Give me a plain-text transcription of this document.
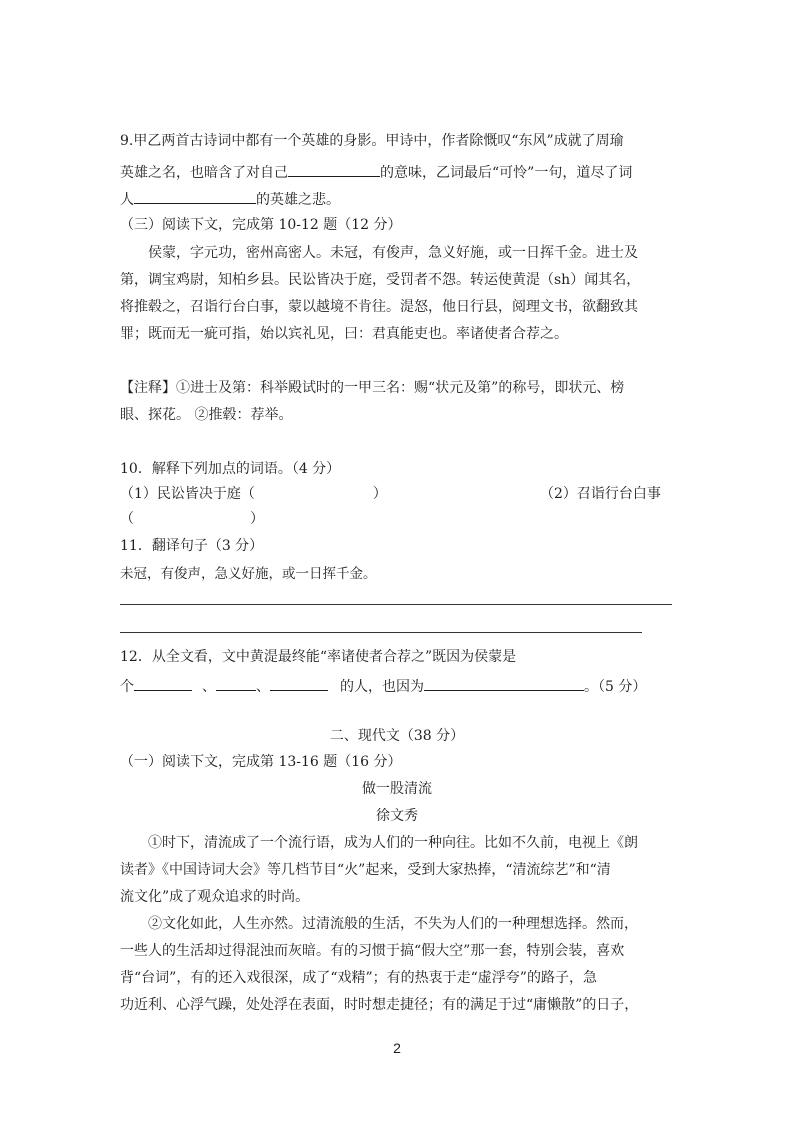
9.甲乙两首古诗词中都有一个英雄的身影。甲诗中，作者除慨叹“东风”成就了周瑜
英雄之名，也暗含了对自己	的意味，乙词最后“可怜”一句，道尽了词
人	的英雄之悲。
（三）阅读下文，完成第 10-12 题（12 分）
侯蒙，字元功，密州高密人。未冠，有俊声，急义好施，或一日挥千金。进士及
第，调宝鸡尉，知柏乡县。民讼皆决于庭，受罚者不怨。转运使黄湜（sh）闻其名，
将推毂之，召诣行台白事，蒙以越境不肯往。湜怒，他日行县，阅理文书，欲翻致其
罪；既而无一疵可指，始以宾礼见，曰：君真能吏也。率诸使者合荐之。
【注释】①进士及第：科举殿试时的一甲三名：赐“状元及第”的称号，即状元、榜
眼、探花。 ②推毂：荐举。
10．解释下列加点的词语。（4 分）
（1）民讼皆决于庭（	）	（2）召诣行台白事
（	）
11．翻译句子（3 分）
未冠，有俊声，急义好施，或一日挥千金。
12．从全文看，文中黄湜最终能“率诸使者合荐之”既因为侯蒙是
个	、	、	的人，也因为	。（5 分）
二、现代文（38 分）
（一）阅读下文，完成第 13-16 题（16 分）
做一股清流
徐文秀
①时下，清流成了一个流行语，成为人们的一种向往。比如不久前，电视上《朗
读者》《中国诗词大会》等几档节目“火”起来，受到大家热捧，“清流综艺”和“清
流文化”成了观众追求的时尚。
②文化如此，人生亦然。过清流般的生活，不失为人们的一种理想选择。然而，
一些人的生活却过得混浊而灰暗。有的习惯于搞“假大空”那一套，特别会装，喜欢
背“台词”，有的还入戏很深，成了“戏精”；有的热衷于走“虚浮夸”的路子，急
功近利、心浮气躁，处处浮在表面，时时想走捷径；有的满足于过“庸懒散”的日子，
2
